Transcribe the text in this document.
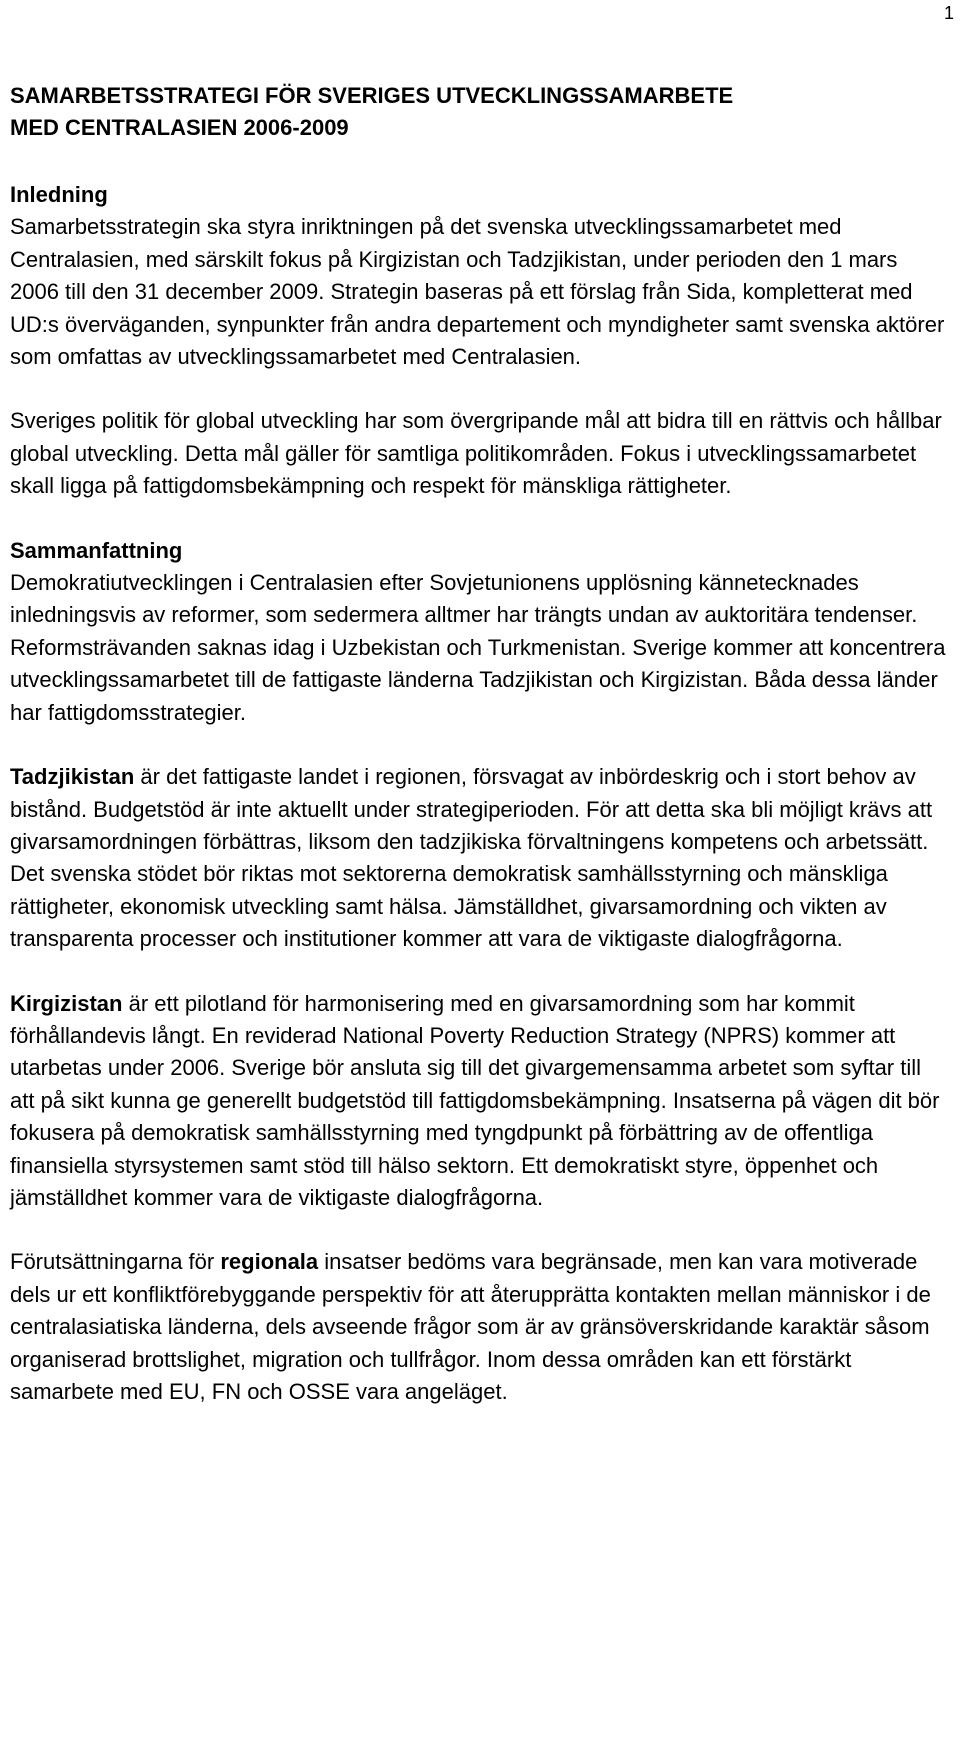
1
SAMARBETSSTRATEGI FÖR SVERIGES UTVECKLINGSSAMARBETE
MED CENTRALASIEN 2006-2009

Inledning
Samarbetsstrategin ska styra inriktningen på det svenska utvecklingssamarbetet med Centralasien, med särskilt fokus på Kirgizistan och Tadzjikistan, under perioden den 1 mars 2006 till den 31 december 2009. Strategin baseras på ett förslag från Sida, kompletterat med UD:s överväganden, synpunkter från andra departement och myndigheter samt svenska aktörer som omfattas av utvecklingssamarbetet med Centralasien.

Sveriges politik för global utveckling har som övergripande mål att bidra till en rättvis och hållbar global utveckling. Detta mål gäller för samtliga politikområden. Fokus i utvecklingssamarbetet skall ligga på fattigdomsbekämpning och respekt för mänskliga rättigheter.

Sammanfattning
Demokratiutvecklingen i Centralasien efter Sovjetunionens upplösning kännetecknades inledningsvis av reformer, som sedermera alltmer har trängts undan av auktoritära tendenser. Reformsträvanden saknas idag i Uzbekistan och Turkmenistan. Sverige kommer att koncentrera utvecklingssamarbetet till de fattigaste länderna Tadzjikistan och Kirgizistan. Båda dessa länder har fattigdomsstrategier.

Tadzjikistan är det fattigaste landet i regionen, försvagat av inbördeskrig och i stort behov av bistånd. Budgetstöd är inte aktuellt under strategiperioden. För att detta ska bli möjligt krävs att givarsamordningen förbättras, liksom den tadzjikiska förvaltningens kompetens och arbetssätt. Det svenska stödet bör riktas mot sektorerna demokratisk samhällsstyrning och mänskliga rättigheter, ekonomisk utveckling samt hälsa. Jämställdhet, givarsamordning och vikten av transparenta processer och institutioner kommer att vara de viktigaste dialogfrågorna.

Kirgizistan är ett pilotland för harmonisering med en givarsamordning som har kommit förhållandevis långt. En reviderad National Poverty Reduction Strategy (NPRS) kommer att utarbetas under 2006. Sverige bör ansluta sig till det givargemensamma arbetet som syftar till att på sikt kunna ge generellt budgetstöd till fattigdomsbekämpning. Insatserna på vägen dit bör fokusera på demokratisk samhällsstyrning med tyngdpunkt på förbättring av de offentliga finansiella styrsystemen samt stöd till hälso sektorn. Ett demokratiskt styre, öppenhet och jämställdhet kommer vara de viktigaste dialogfrågorna.

Förutsättningarna för regionala insatser bedöms vara begränsade, men kan vara motiverade dels ur ett konfliktförebyggande perspektiv för att återupprätta kontakten mellan människor i de centralasiatiska länderna, dels avseende frågor som är av gränsöverskridande karaktär såsom organiserad brottslighet, migration och tullfrågor. Inom dessa områden kan ett förstärkt samarbete med EU, FN och OSSE vara angeläget.
